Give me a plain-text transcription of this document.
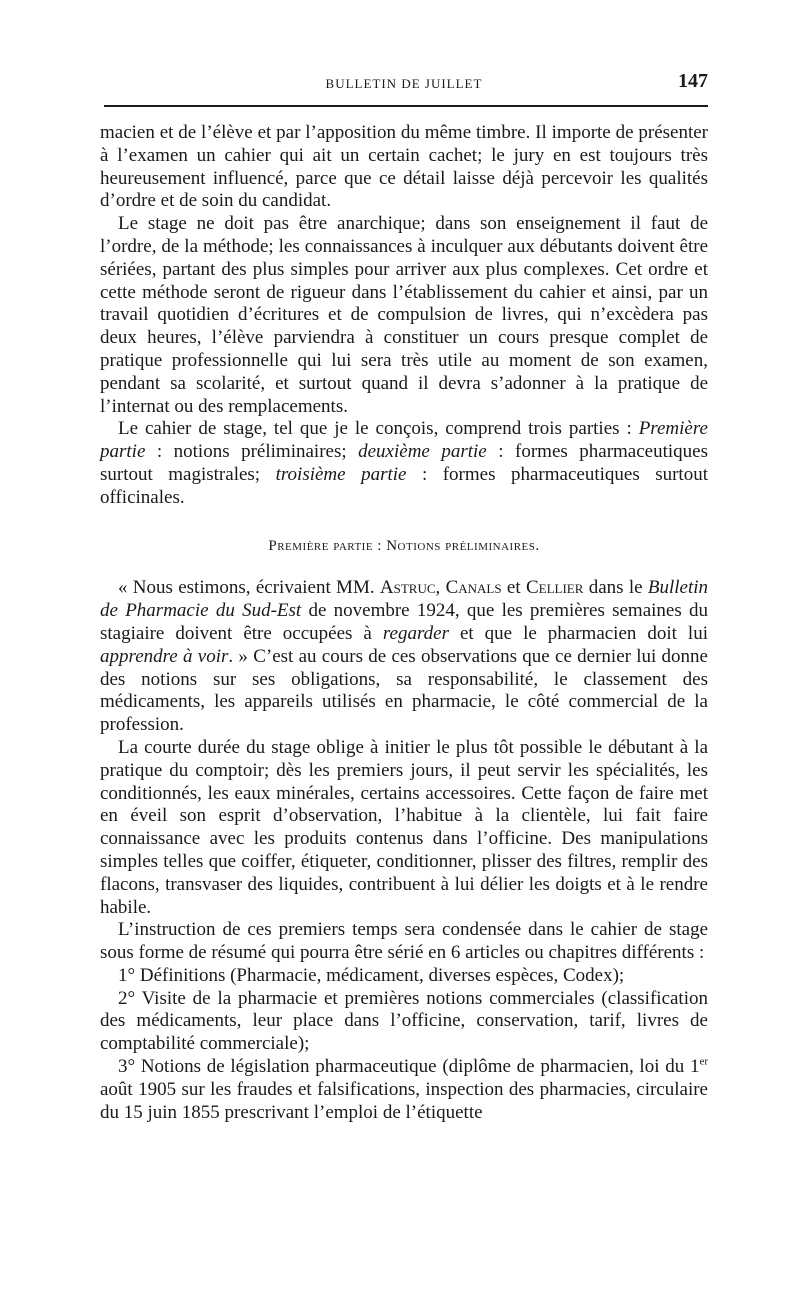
BULLETIN DE JUILLET	147

macien et de l’élève et par l’apposition du même timbre. Il importe de présenter à l’examen un cahier qui ait un certain cachet; le jury en est toujours très heureusement influencé, parce que ce détail laisse déjà percevoir les qualités d’ordre et de soin du candidat.

Le stage ne doit pas être anarchique; dans son enseignement il faut de l’ordre, de la méthode; les connaissances à inculquer aux débutants doivent être sériées, partant des plus simples pour arriver aux plus complexes. Cet ordre et cette méthode seront de rigueur dans l’établissement du cahier et ainsi, par un travail quotidien d’écritures et de compulsion de livres, qui n’excèdera pas deux heures, l’élève parviendra à constituer un cours presque complet de pratique professionnelle qui lui sera très utile au moment de son examen, pendant sa scolarité, et surtout quand il devra s’adonner à la pratique de l’internat ou des remplacements.

Le cahier de stage, tel que je le conçois, comprend trois parties : Première partie : notions préliminaires; deuxième partie : formes pharmaceutiques surtout magistrales; troisième partie : formes pharmaceutiques surtout officinales.

Première partie : Notions préliminaires.

« Nous estimons, écrivaient MM. Astruc, Canals et Cellier dans le Bulletin de Pharmacie du Sud-Est de novembre 1924, que les premières semaines du stagiaire doivent être occupées à regarder et que le pharmacien doit lui apprendre à voir. » C’est au cours de ces observations que ce dernier lui donne des notions sur ses obligations, sa responsabilité, le classement des médicaments, les appareils utilisés en pharmacie, le côté commercial de la profession.

La courte durée du stage oblige à initier le plus tôt possible le débutant à la pratique du comptoir; dès les premiers jours, il peut servir les spécialités, les conditionnés, les eaux minérales, certains accessoires. Cette façon de faire met en éveil son esprit d’observation, l’habitue à la clientèle, lui fait faire connaissance avec les produits contenus dans l’officine. Des manipulations simples telles que coiffer, étiqueter, conditionner, plisser des filtres, remplir des flacons, transvaser des liquides, contribuent à lui délier les doigts et à le rendre habile.

L’instruction de ces premiers temps sera condensée dans le cahier de stage sous forme de résumé qui pourra être sérié en 6 articles ou chapitres différents :

1° Définitions (Pharmacie, médicament, diverses espèces, Codex);

2° Visite de la pharmacie et premières notions commerciales (classification des médicaments, leur place dans l’officine, conservation, tarif, livres de comptabilité commerciale);

3° Notions de législation pharmaceutique (diplôme de pharmacien, loi du 1er août 1905 sur les fraudes et falsifications, inspection des pharmacies, circulaire du 15 juin 1855 prescrivant l’emploi de l’étiquette
